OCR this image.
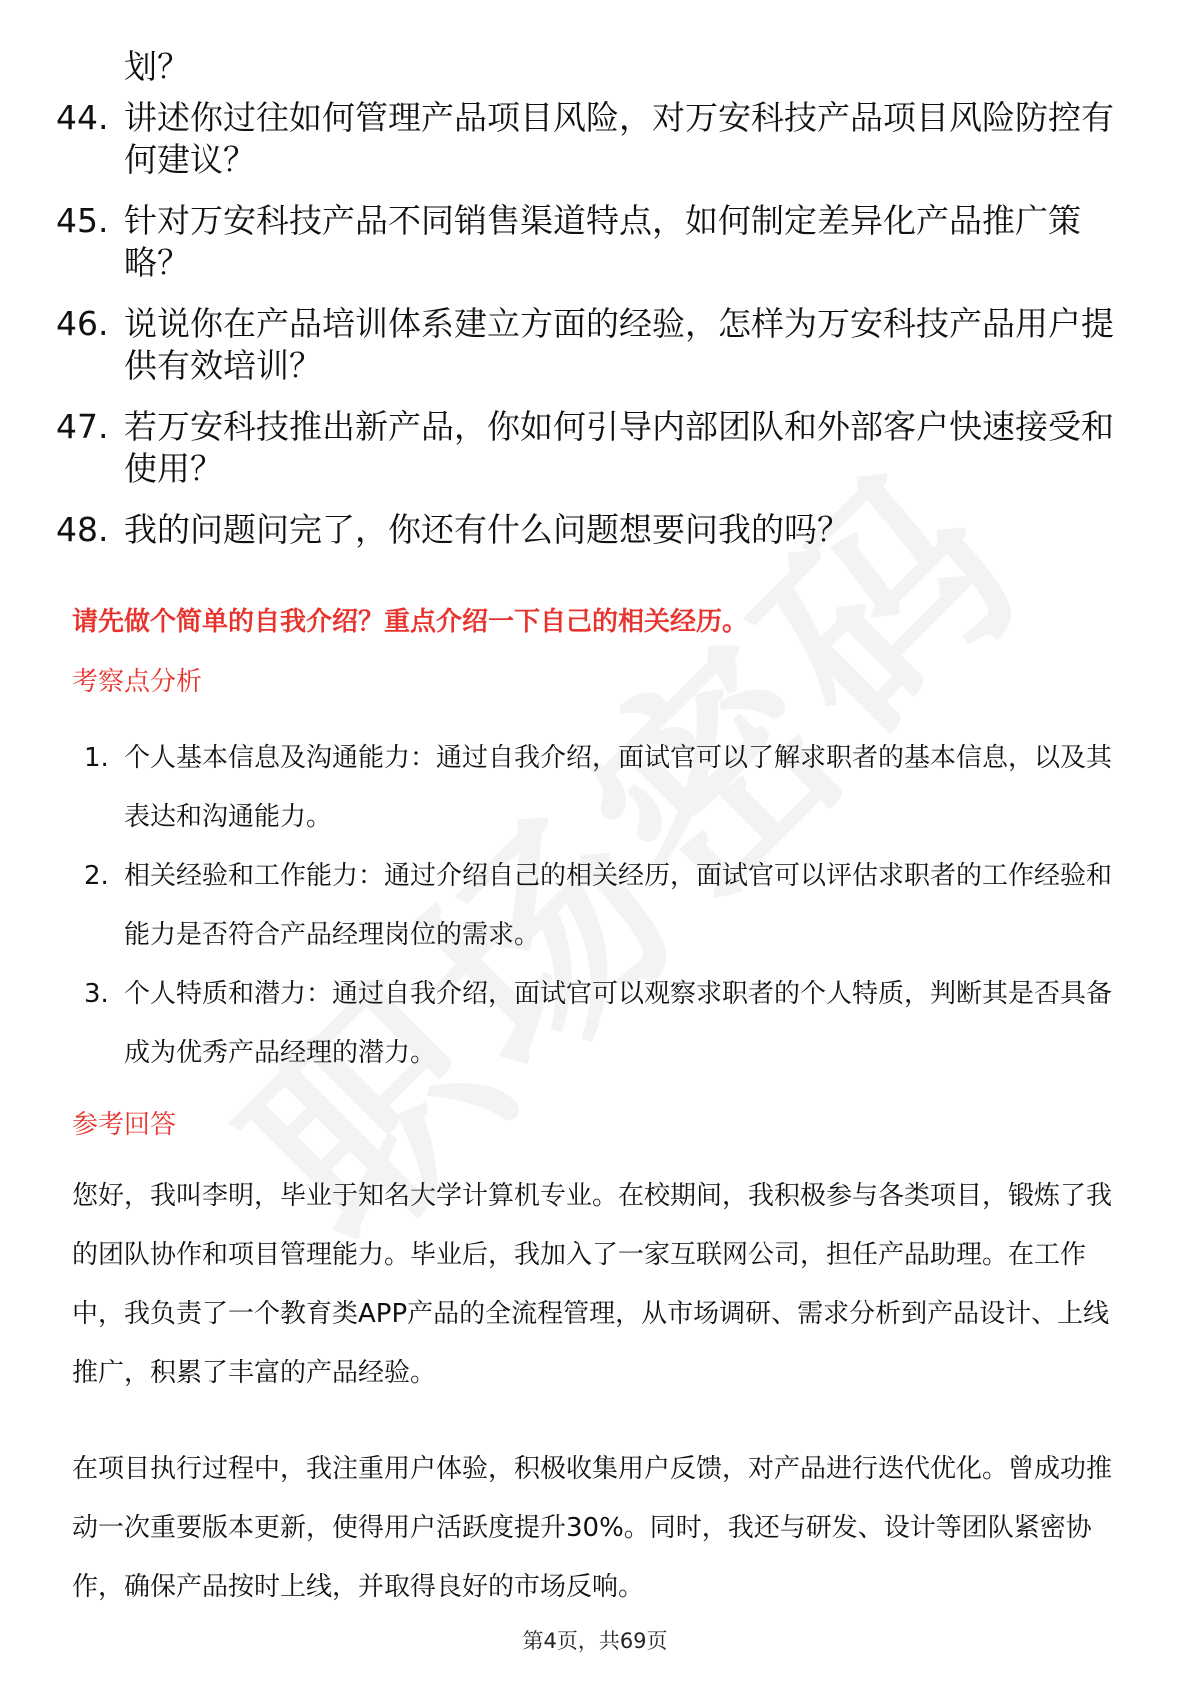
划？
44. 讲述你过往如何管理产品项目风险，对万安科技产品项目风险防控有何建议？
45. 针对万安科技产品不同销售渠道特点，如何制定差异化产品推广策略？
46. 说说你在产品培训体系建立方面的经验，怎样为万安科技产品用户提供有效培训？
47. 若万安科技推出新产品，你如何引导内部团队和外部客户快速接受和使用？
48. 我的问题问完了，你还有什么问题想要问我的吗？
请先做个简单的自我介绍？重点介绍一下自己的相关经历。
考察点分析
1. 个人基本信息及沟通能力：通过自我介绍，面试官可以了解求职者的基本信息，以及其表达和沟通能力。
2. 相关经验和工作能力：通过介绍自己的相关经历，面试官可以评估求职者的工作经验和能力是否符合产品经理岗位的需求。
3. 个人特质和潜力：通过自我介绍，面试官可以观察求职者的个人特质，判断其是否具备成为优秀产品经理的潜力。
参考回答

您好，我叫李明，毕业于知名大学计算机专业。在校期间，我积极参与各类项目，锻炼了我的团队协作和项目管理能力。毕业后，我加入了一家互联网公司，担任产品助理。在工作中，我负责了一个教育类APP产品的全流程管理，从市场调研、需求分析到产品设计、上线推广，积累了丰富的产品经验。

在项目执行过程中，我注重用户体验，积极收集用户反馈，对产品进行迭代优化。曾成功推动一次重要版本更新，使得用户活跃度提升30%。同时，我还与研发、设计等团队紧密协作，确保产品按时上线，并取得良好的市场反响。

第4页，共69页
